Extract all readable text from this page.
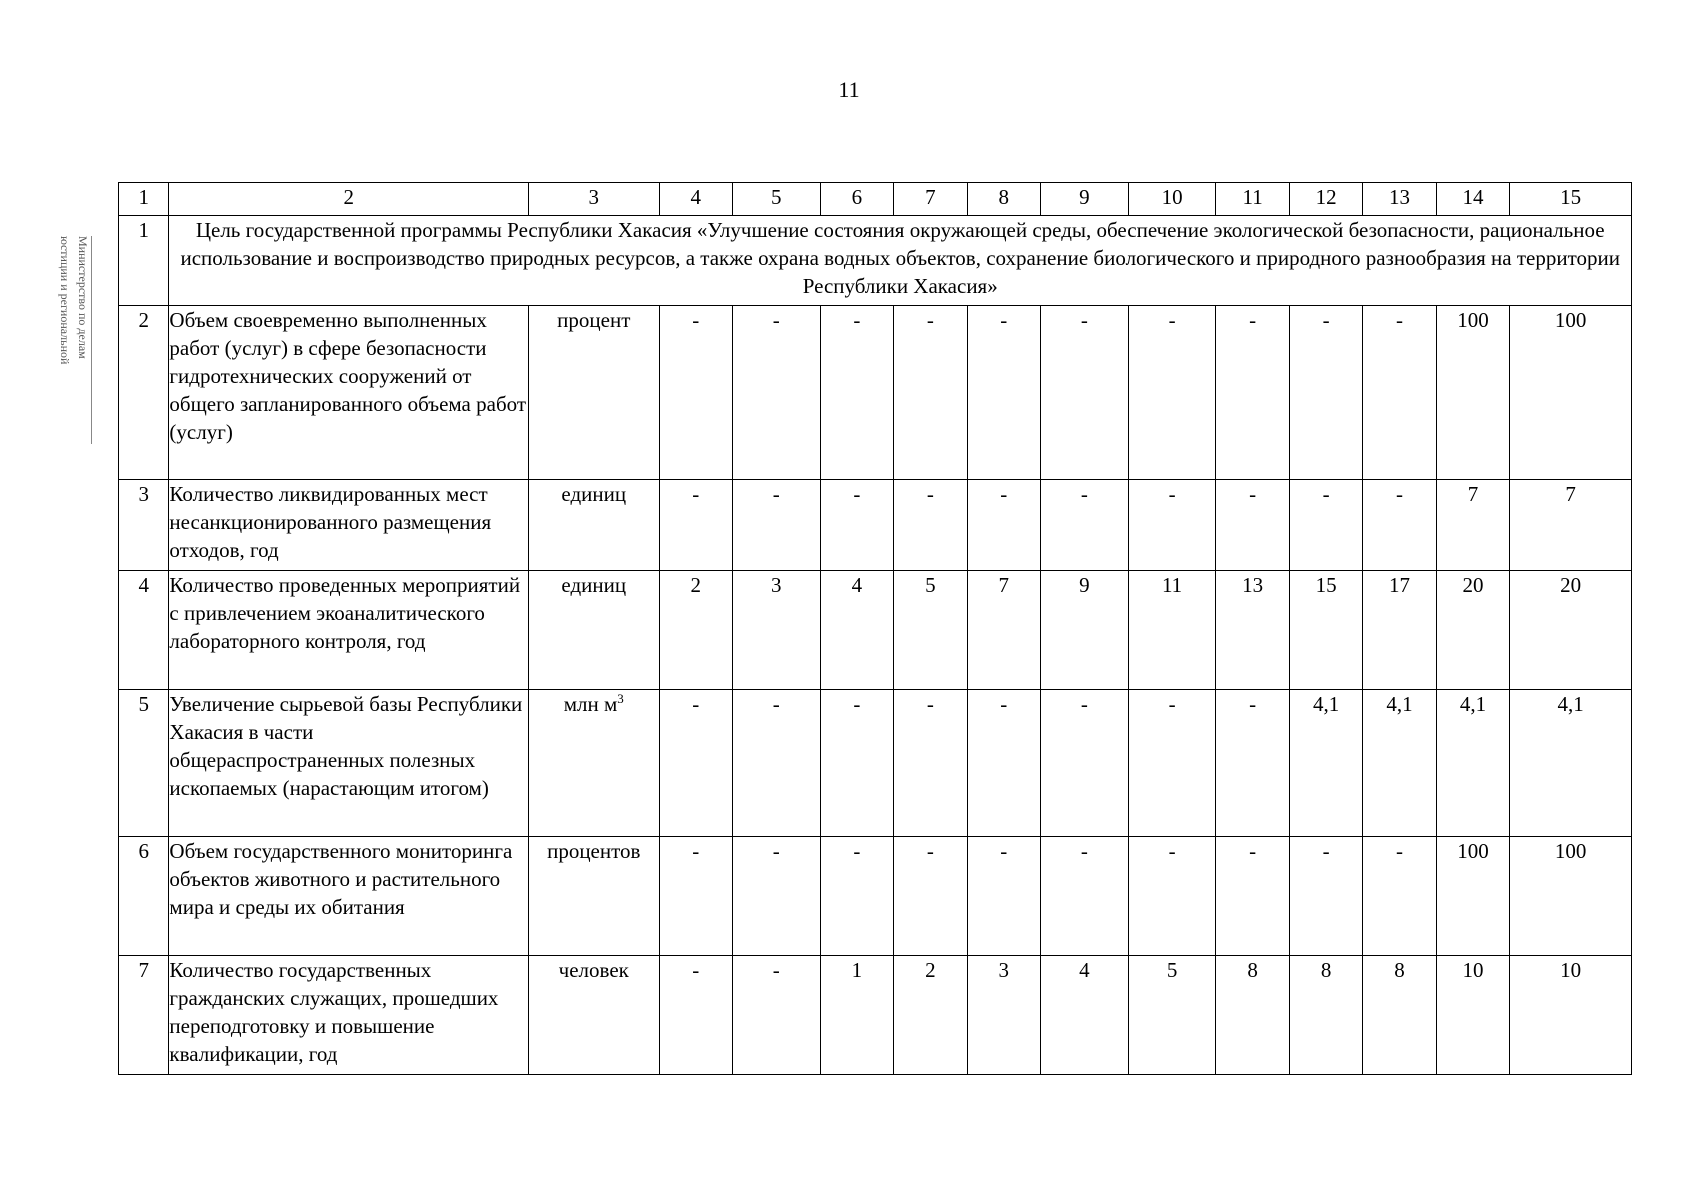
11
Министерство по делам
юстиции и региональной
1	2	3	4	5	6	7	8	9	10	11	12	13	14	15
1	Цель государственной программы Республики Хакасия «Улучшение состояния окружающей среды, обеспечение экологической безопасности, рациональное использование и воспроизводство природных ресурсов, а также охрана водных объектов, сохранение биологического и природного разнообразия на территории Республики Хакасия»													
2	Объем своевременно выполненных работ (услуг) в сфере безопасности гидротехнических сооружений от общего запланированного объема работ (услуг)	процент	-	-	-	-	-	-	-	-	-	-	100	100
3	Количество ликвидированных мест несанкционированного размещения отходов, год	единиц	-	-	-	-	-	-	-	-	-	-	7	7
4	Количество проведенных мероприятий с привлечением экоаналитического лабораторного контроля, год	единиц	2	3	4	5	7	9	11	13	15	17	20	20
5	Увеличение сырьевой базы Республики Хакасия в части общераспространенных полезных ископаемых (нарастающим итогом)	млн $м^3$	-	-	-	-	-	-	-	-	4,1	4,1	4,1	4,1
6	Объем государственного мониторинга объектов животного и растительного мира и среды их обитания	процентов	-	-	-	-	-	-	-	-	-	-	100	100
7	Количество государственных гражданских служащих, прошедших переподготовку и повышение квалификации, год	человек	-	-	1	2	3	4	5	8	8	8	10	10
